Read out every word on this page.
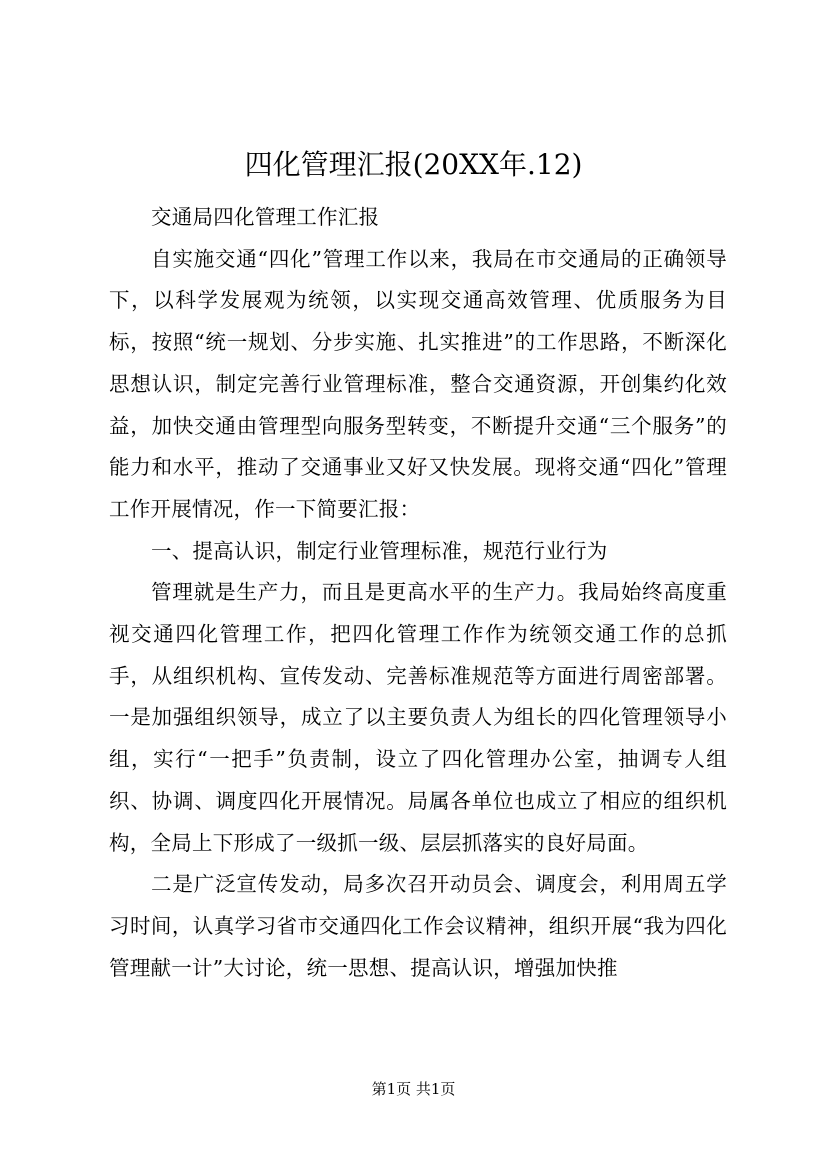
四化管理汇报(20XX年.12)

交通局四化管理工作汇报

自实施交通“四化”管理工作以来，我局在市交通局的正确领导下，以科学发展观为统领，以实现交通高效管理、优质服务为目标，按照“统一规划、分步实施、扎实推进”的工作思路，不断深化思想认识，制定完善行业管理标准，整合交通资源，开创集约化效益，加快交通由管理型向服务型转变，不断提升交通“三个服务”的能力和水平，推动了交通事业又好又快发展。现将交通“四化”管理工作开展情况，作一下简要汇报：

一、提高认识，制定行业管理标准，规范行业行为

管理就是生产力，而且是更高水平的生产力。我局始终高度重视交通四化管理工作，把四化管理工作作为统领交通工作的总抓手，从组织机构、宣传发动、完善标准规范等方面进行周密部署。一是加强组织领导，成立了以主要负责人为组长的四化管理领导小组，实行“一把手”负责制，设立了四化管理办公室，抽调专人组织、协调、调度四化开展情况。局属各单位也成立了相应的组织机构，全局上下形成了一级抓一级、层层抓落实的良好局面。

二是广泛宣传发动，局多次召开动员会、调度会，利用周五学习时间，认真学习省市交通四化工作会议精神，组织开展“我为四化管理献一计”大讨论，统一思想、提高认识，增强加快推

第1页 共1页
